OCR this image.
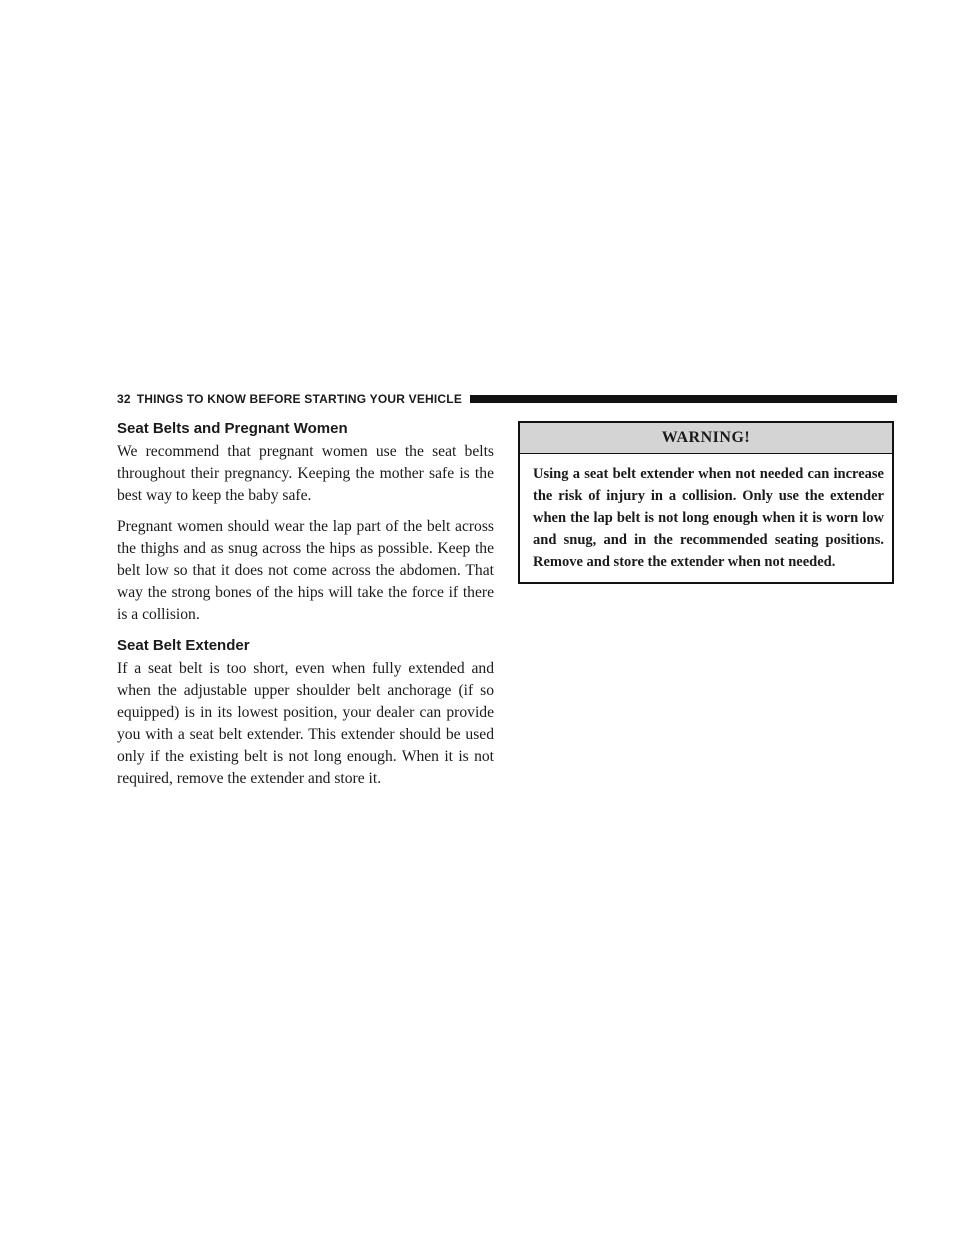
32 THINGS TO KNOW BEFORE STARTING YOUR VEHICLE
Seat Belts and Pregnant Women

We recommend that pregnant women use the seat belts throughout their pregnancy. Keeping the mother safe is the best way to keep the baby safe.

Pregnant women should wear the lap part of the belt across the thighs and as snug across the hips as possible. Keep the belt low so that it does not come across the abdomen. That way the strong bones of the hips will take the force if there is a collision.

Seat Belt Extender

If a seat belt is too short, even when fully extended and when the adjustable upper shoulder belt anchorage (if so equipped) is in its lowest position, your dealer can provide you with a seat belt extender. This extender should be used only if the existing belt is not long enough. When it is not required, remove the extender and store it.

WARNING!
Using a seat belt extender when not needed can increase the risk of injury in a collision. Only use the extender when the lap belt is not long enough when it is worn low and snug, and in the recommended seating positions. Remove and store the extender when not needed.
